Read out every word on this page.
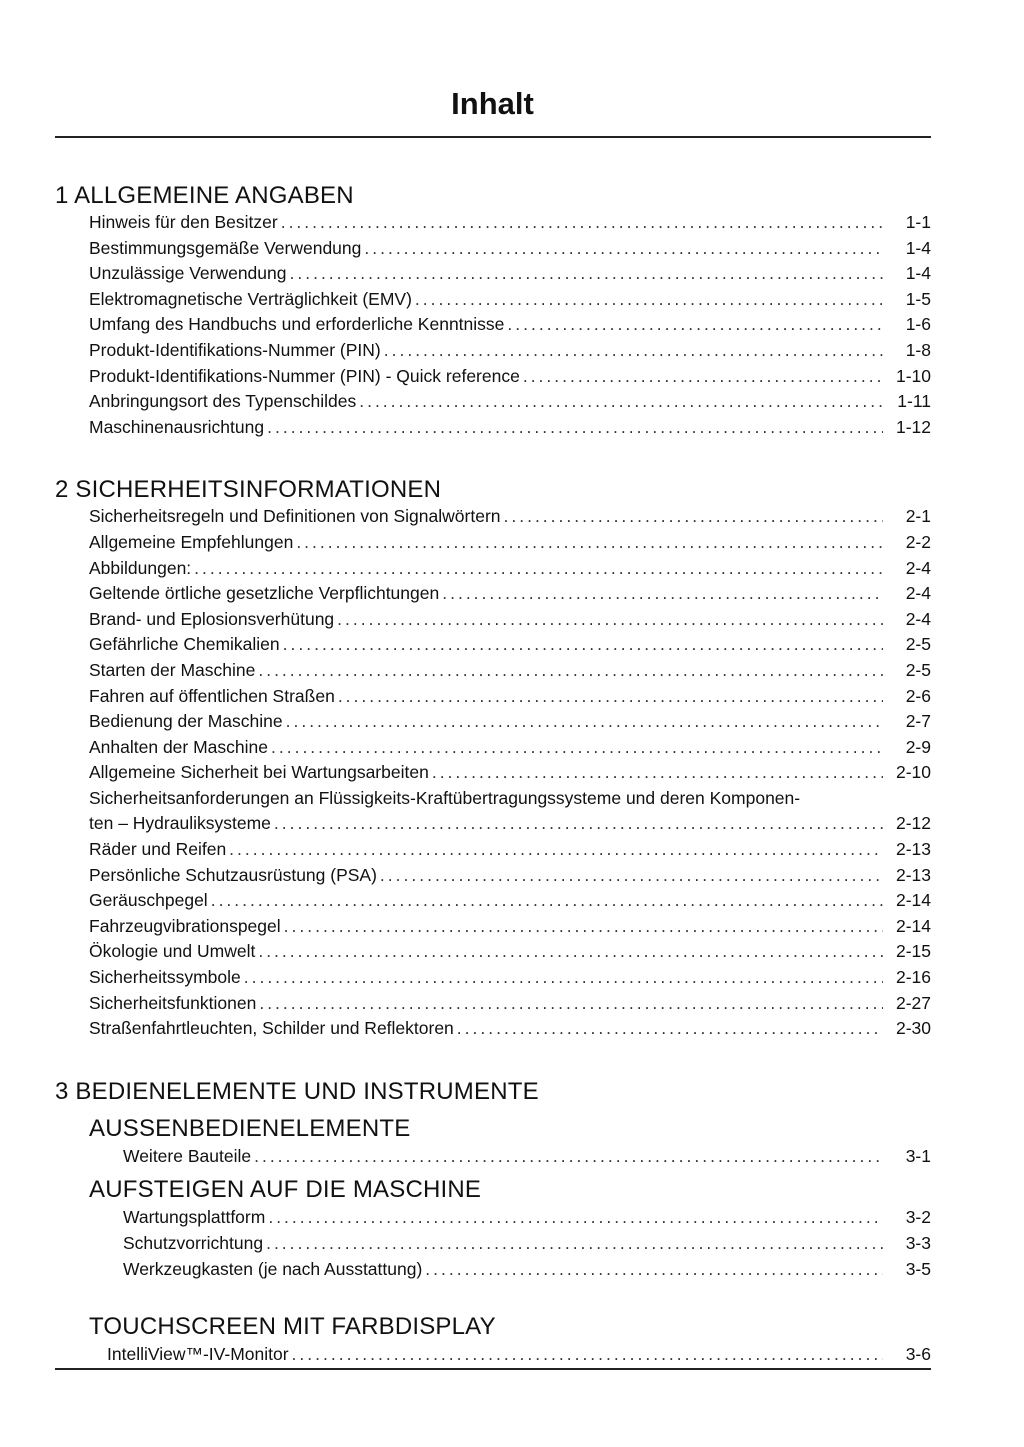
Inhalt
1 ALLGEMEINE ANGABEN
Hinweis für den Besitzer .....	1-1
Bestimmungsgemäße Verwendung .....	1-4
Unzulässige Verwendung .....	1-4
Elektromagnetische Verträglichkeit (EMV) .....	1-5
Umfang des Handbuchs und erforderliche Kenntnisse .....	1-6
Produkt-Identifikations-Nummer (PIN) .....	1-8
Produkt-Identifikations-Nummer (PIN) - Quick reference .....	1-10
Anbringungsort des Typenschildes .....	1-11
Maschinenausrichtung .....	1-12
2 SICHERHEITSINFORMATIONEN
Sicherheitsregeln und Definitionen von Signalwörtern .....	2-1
Allgemeine Empfehlungen .....	2-2
Abbildungen: .....	2-4
Geltende örtliche gesetzliche Verpflichtungen .....	2-4
Brand- und Eplosionsverhütung .....	2-4
Gefährliche Chemikalien .....	2-5
Starten der Maschine .....	2-5
Fahren auf öffentlichen Straßen .....	2-6
Bedienung der Maschine .....	2-7
Anhalten der Maschine .....	2-9
Allgemeine Sicherheit bei Wartungsarbeiten .....	2-10
Sicherheitsanforderungen an Flüssigkeits-Kraftübertragungssysteme und deren Komponen-
ten – Hydrauliksysteme .....	2-12
Räder und Reifen .....	2-13
Persönliche Schutzausrüstung (PSA) .....	2-13
Geräuschpegel .....	2-14
Fahrzeugvibrationspegel .....	2-14
Ökologie und Umwelt .....	2-15
Sicherheitssymbole .....	2-16
Sicherheitsfunktionen .....	2-27
Straßenfahrtleuchten, Schilder und Reflektoren .....	2-30
3 BEDIENELEMENTE UND INSTRUMENTE
AUSSENBEDIENELEMENTE
Weitere Bauteile .....	3-1
AUFSTEIGEN AUF DIE MASCHINE
Wartungsplattform .....	3-2
Schutzvorrichtung .....	3-3
Werkzeugkasten (je nach Ausstattung) .....	3-5
TOUCHSCREEN MIT FARBDISPLAY
IntelliView™-IV-Monitor .....	3-6
